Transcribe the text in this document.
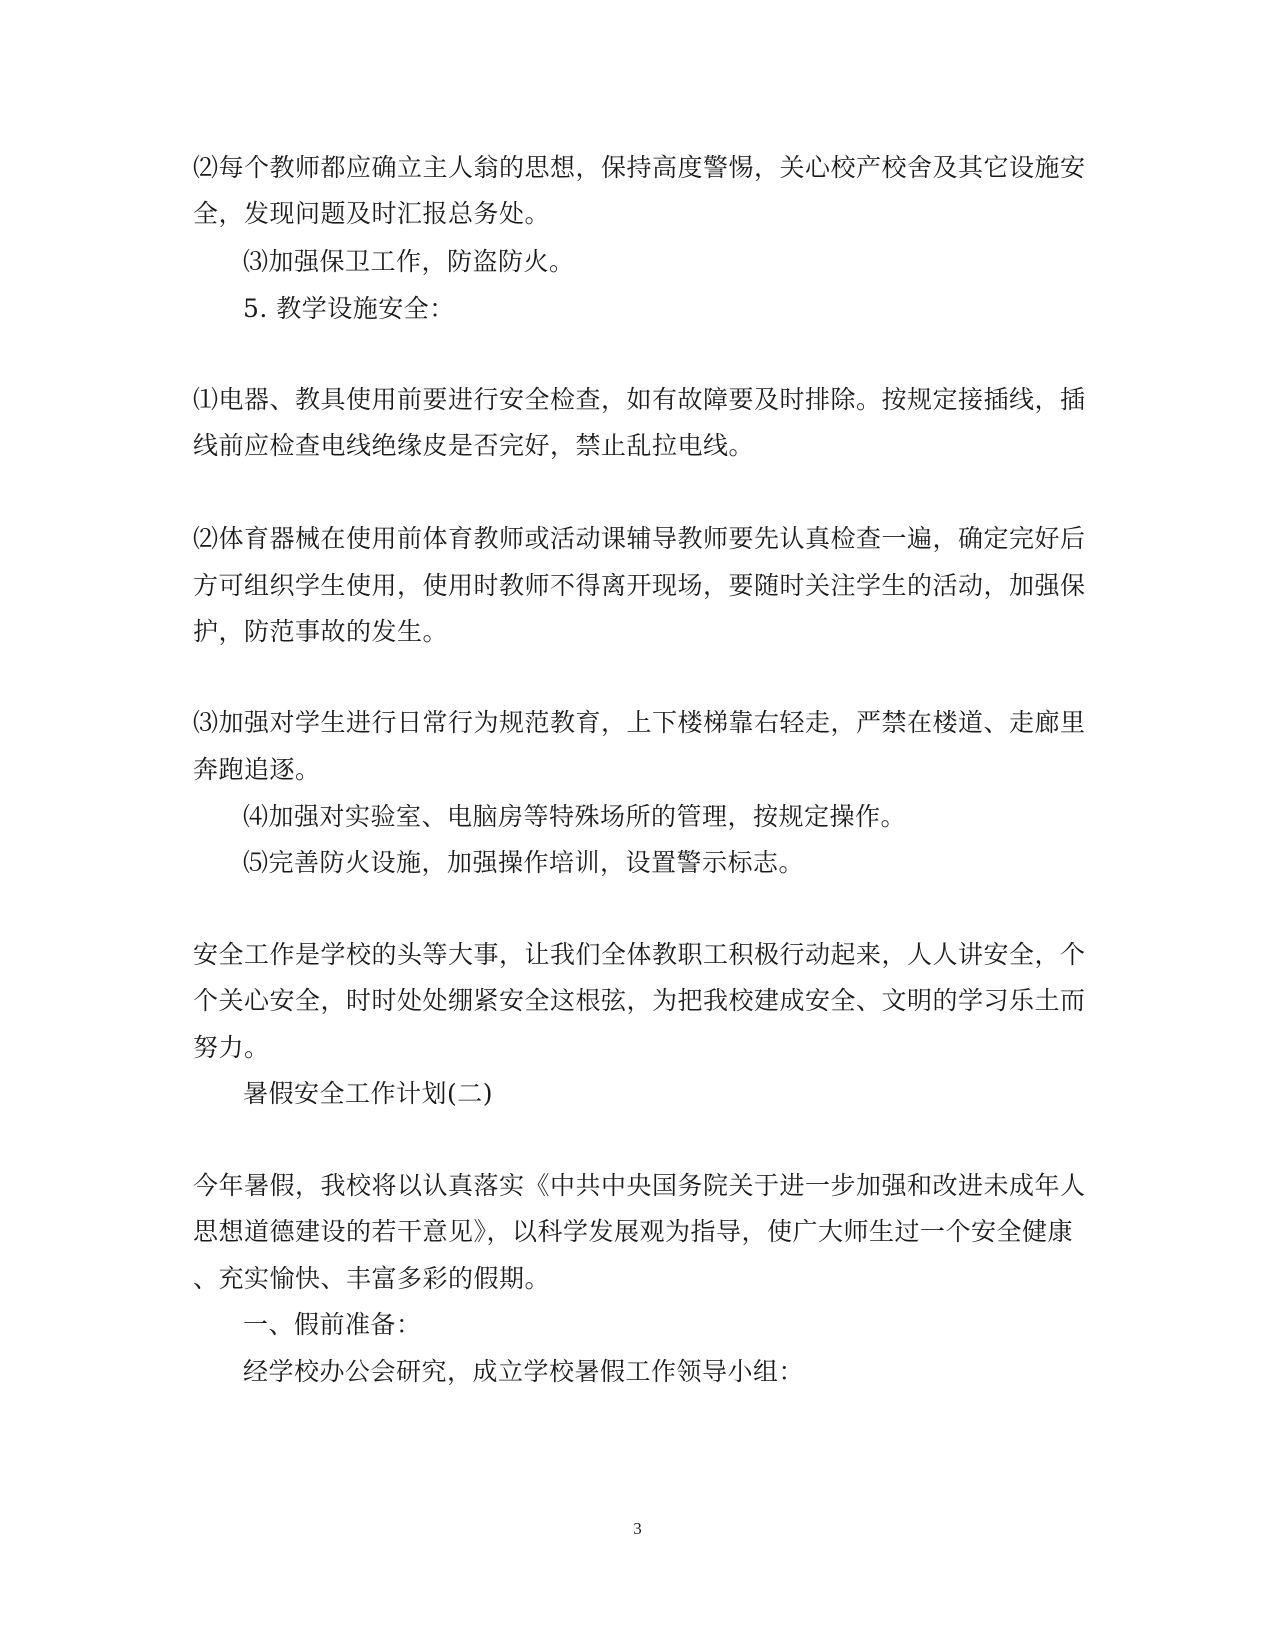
⑵每个教师都应确立主人翁的思想，保持高度警惕，关心校产校舍及其它设施安
全，发现问题及时汇报总务处。
⑶加强保卫工作，防盗防火。
5. 教学设施安全：
⑴电器、教具使用前要进行安全检查，如有故障要及时排除。按规定接插线，插
线前应检查电线绝缘皮是否完好，禁止乱拉电线。
⑵体育器械在使用前体育教师或活动课辅导教师要先认真检查一遍，确定完好后
方可组织学生使用，使用时教师不得离开现场，要随时关注学生的活动，加强保
护，防范事故的发生。
⑶加强对学生进行日常行为规范教育，上下楼梯靠右轻走，严禁在楼道、走廊里
奔跑追逐。
⑷加强对实验室、电脑房等特殊场所的管理，按规定操作。
⑸完善防火设施，加强操作培训，设置警示标志。
安全工作是学校的头等大事，让我们全体教职工积极行动起来，人人讲安全，个
个关心安全，时时处处绷紧安全这根弦，为把我校建成安全、文明的学习乐土而
努力。
暑假安全工作计划(二)
今年暑假，我校将以认真落实《中共中央国务院关于进一步加强和改进未成年人
思想道德建设的若干意见》，以科学发展观为指导，使广大师生过一个安全健康
、充实愉快、丰富多彩的假期。
一、假前准备：
经学校办公会研究，成立学校暑假工作领导小组：
3
